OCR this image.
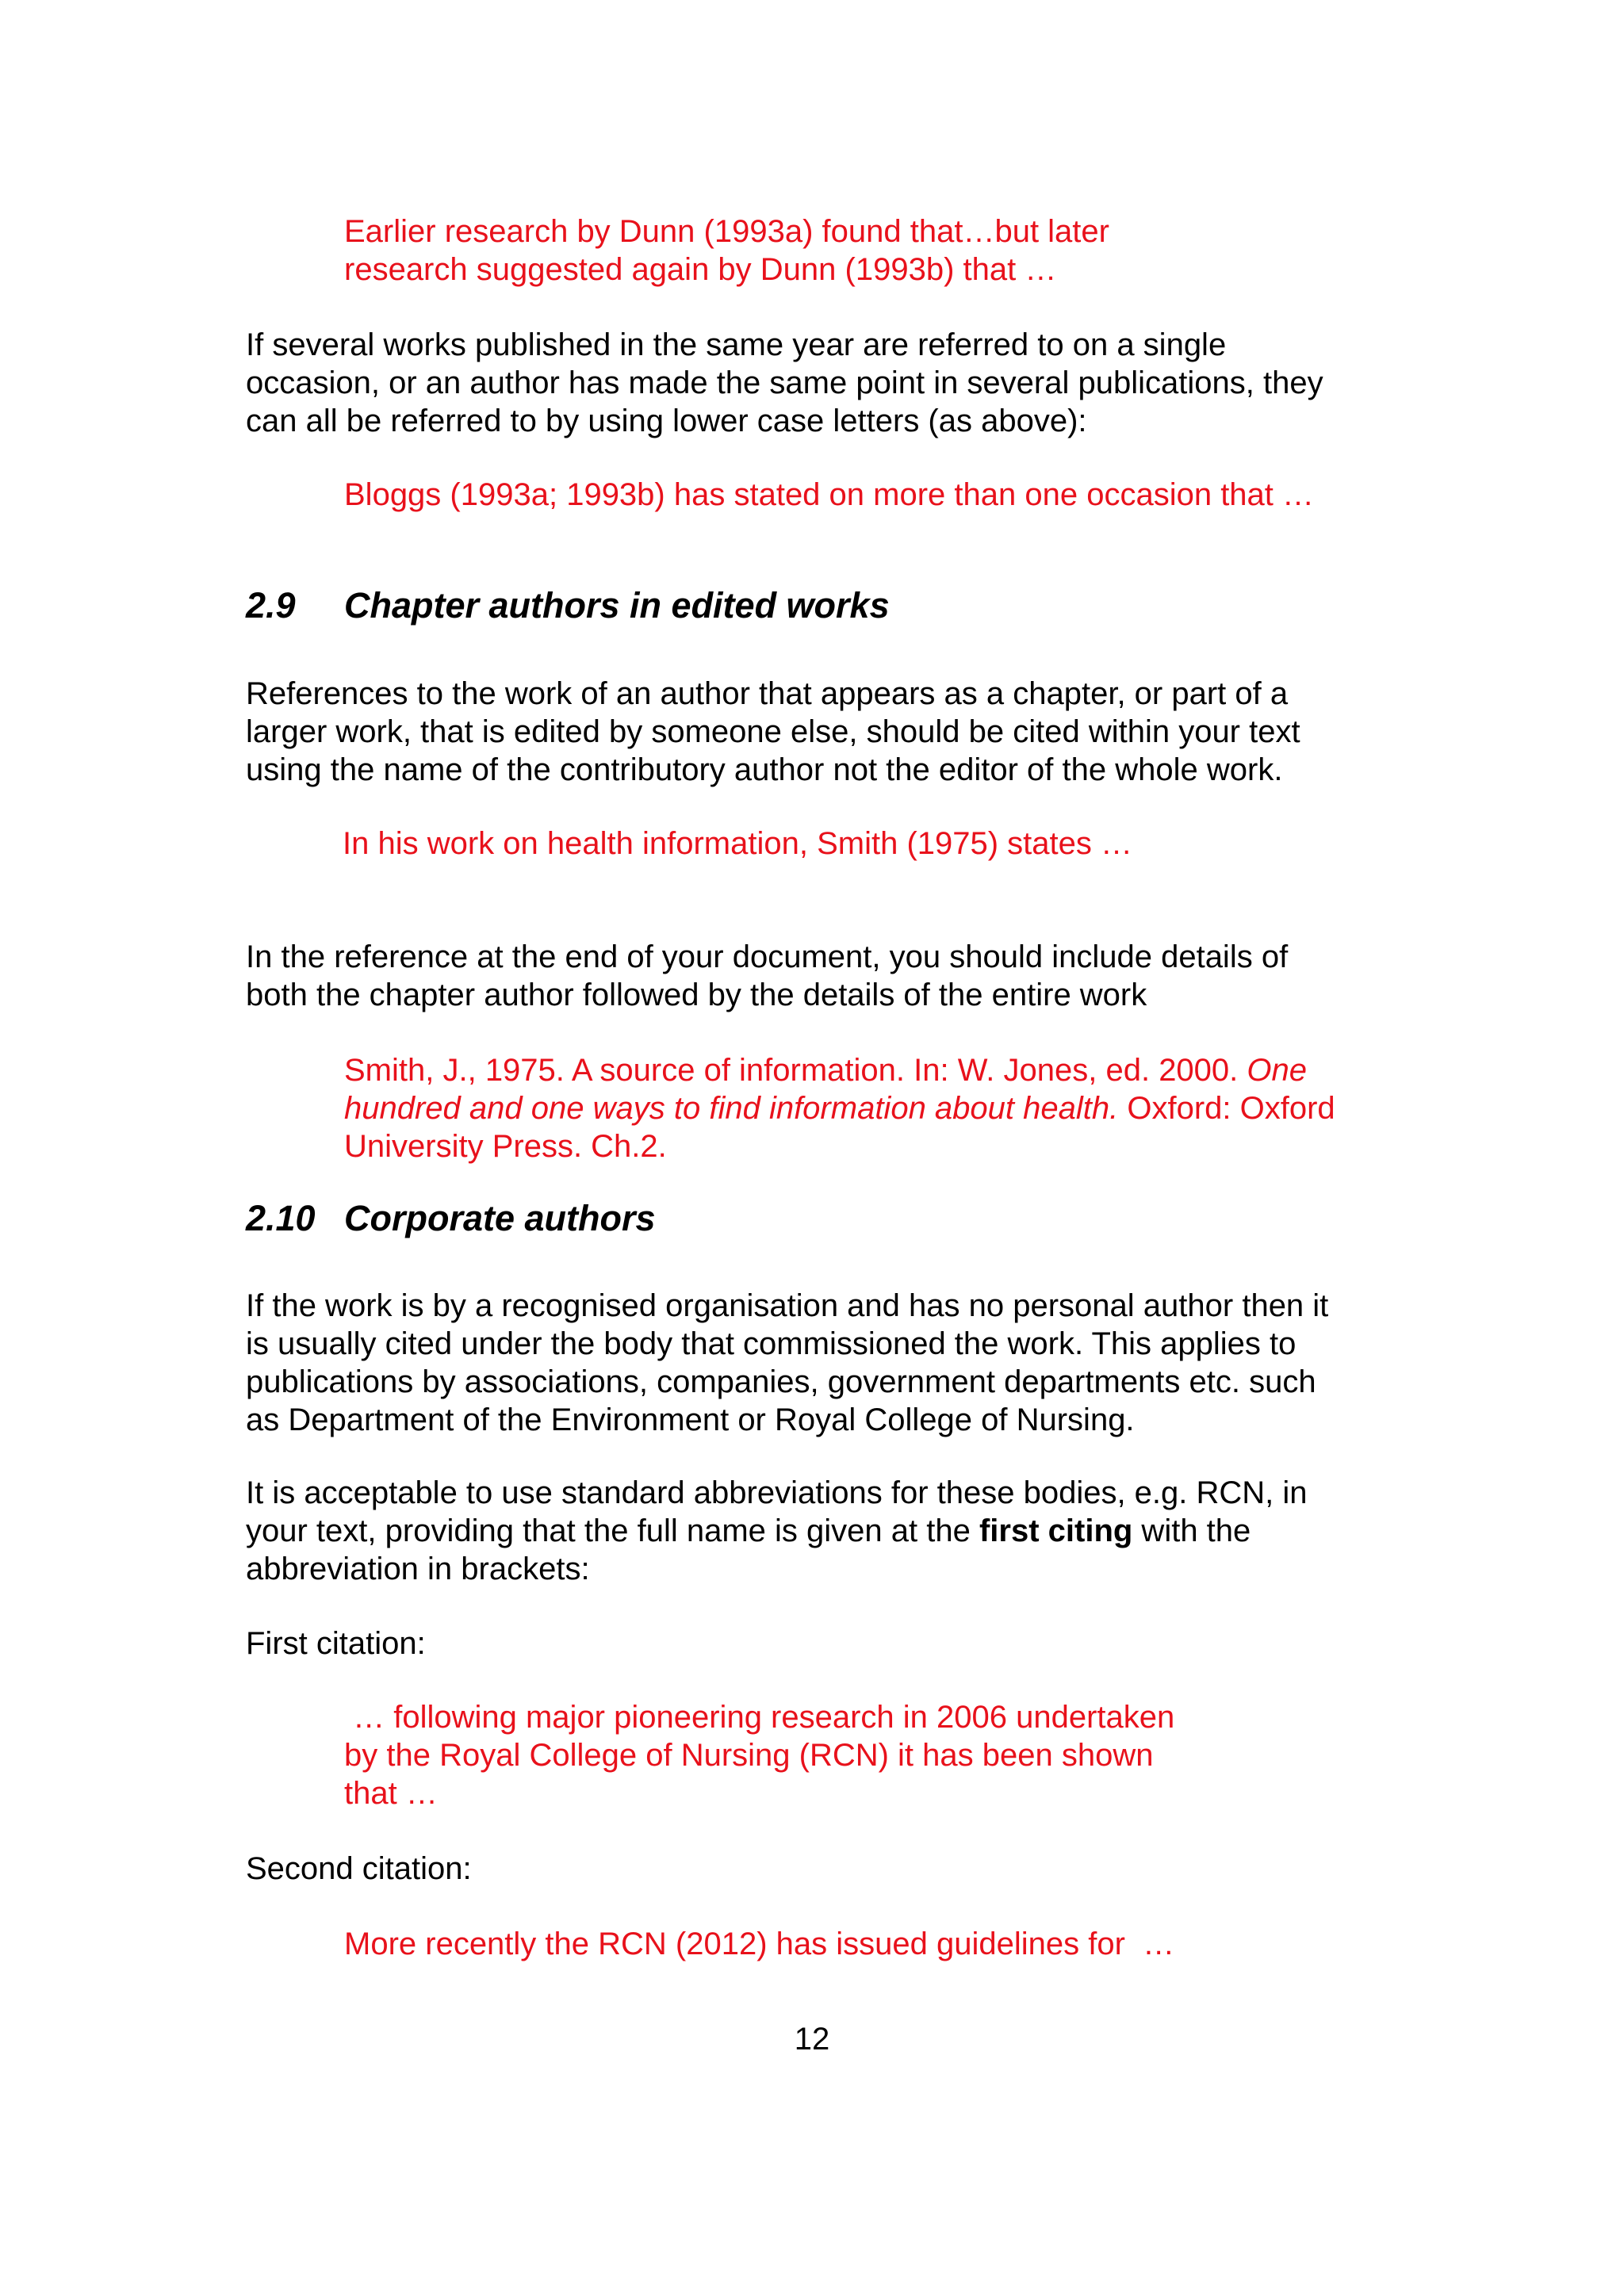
Earlier research by Dunn (1993a) found that…but later
research suggested again by Dunn (1993b) that …
If several works published in the same year are referred to on a single
occasion, or an author has made the same point in several publications, they
can all be referred to by using lower case letters (as above):
Bloggs (1993a; 1993b) has stated on more than one occasion that …
2.9 Chapter authors in edited works
References to the work of an author that appears as a chapter, or part of a
larger work, that is edited by someone else, should be cited within your text
using the name of the contributory author not the editor of the whole work.
In his work on health information, Smith (1975) states …
In the reference at the end of your document, you should include details of
both the chapter author followed by the details of the entire work
Smith, J., 1975. A source of information. In: W. Jones, ed. 2000. One
hundred and one ways to find information about health. Oxford: Oxford
University Press. Ch.2.
2.10 Corporate authors
If the work is by a recognised organisation and has no personal author then it
is usually cited under the body that commissioned the work. This applies to
publications by associations, companies, government departments etc. such
as Department of the Environment or Royal College of Nursing.
It is acceptable to use standard abbreviations for these bodies, e.g. RCN, in
your text, providing that the full name is given at the first citing with the
abbreviation in brackets:
First citation:
… following major pioneering research in 2006 undertaken
by the Royal College of Nursing (RCN) it has been shown
that …
Second citation:
More recently the RCN (2012) has issued guidelines for  …
12
